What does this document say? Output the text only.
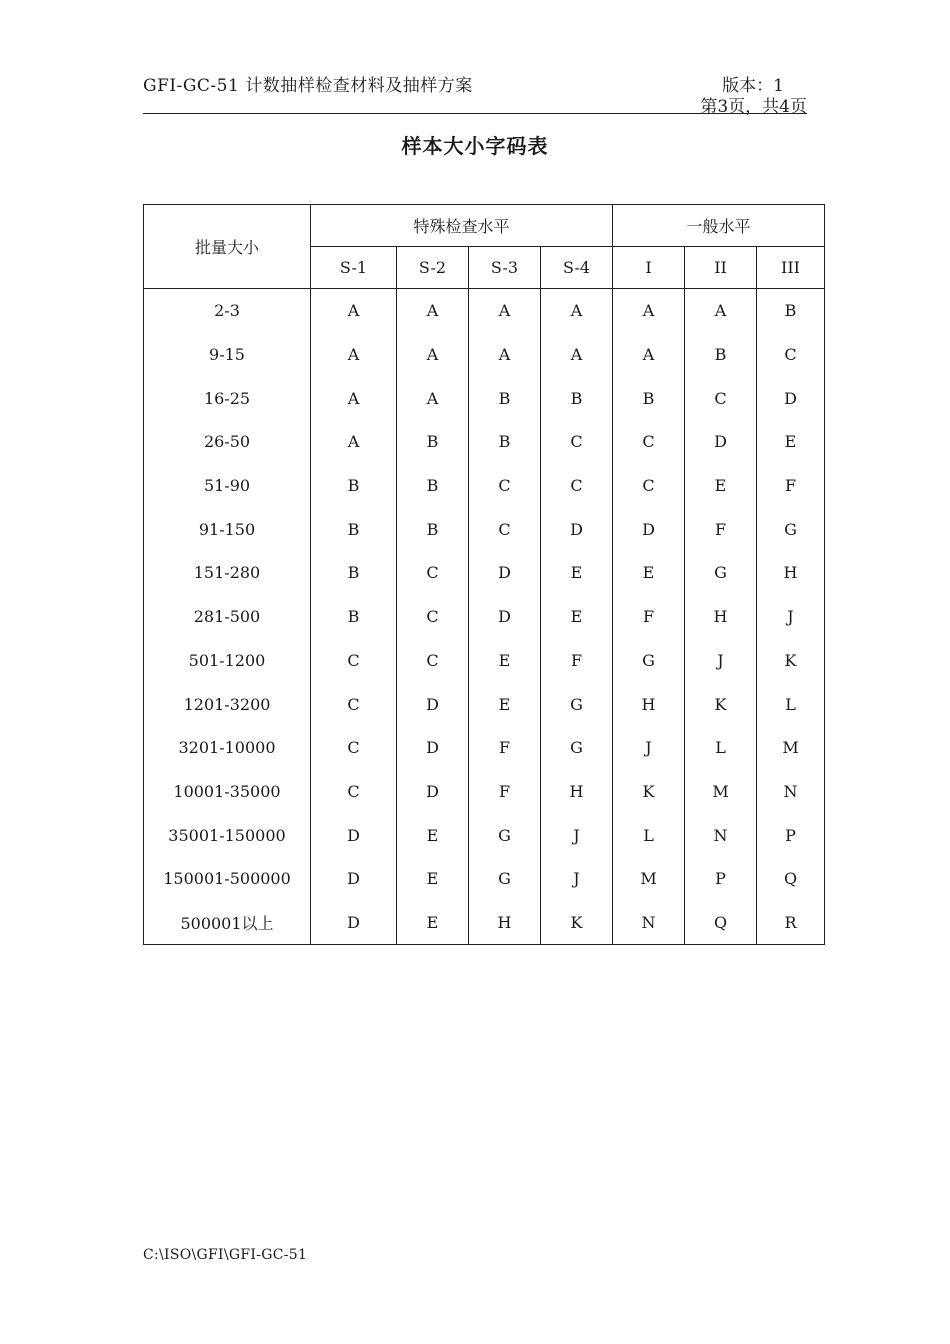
GFI-GC-51 计数抽样检查材料及抽样方案	版本：1
第3页，共4页
样本大小字码表
批量大小	特殊检查水平				一般水平		
	S-1	S-2	S-3	S-4	I	II	III
2-3	A	A	A	A	A	A	B
9-15	A	A	A	A	A	B	C
16-25	A	A	B	B	B	C	D
26-50	A	B	B	C	C	D	E
51-90	B	B	C	C	C	E	F
91-150	B	B	C	D	D	F	G
151-280	B	C	D	E	E	G	H
281-500	B	C	D	E	F	H	J
501-1200	C	C	E	F	G	J	K
1201-3200	C	D	E	G	H	K	L
3201-10000	C	D	F	G	J	L	M
10001-35000	C	D	F	H	K	M	N
35001-150000	D	E	G	J	L	N	P
150001-500000	D	E	G	J	M	P	Q
500001以上	D	E	H	K	N	Q	R
C:\ISO\GFI\GFI-GC-51
